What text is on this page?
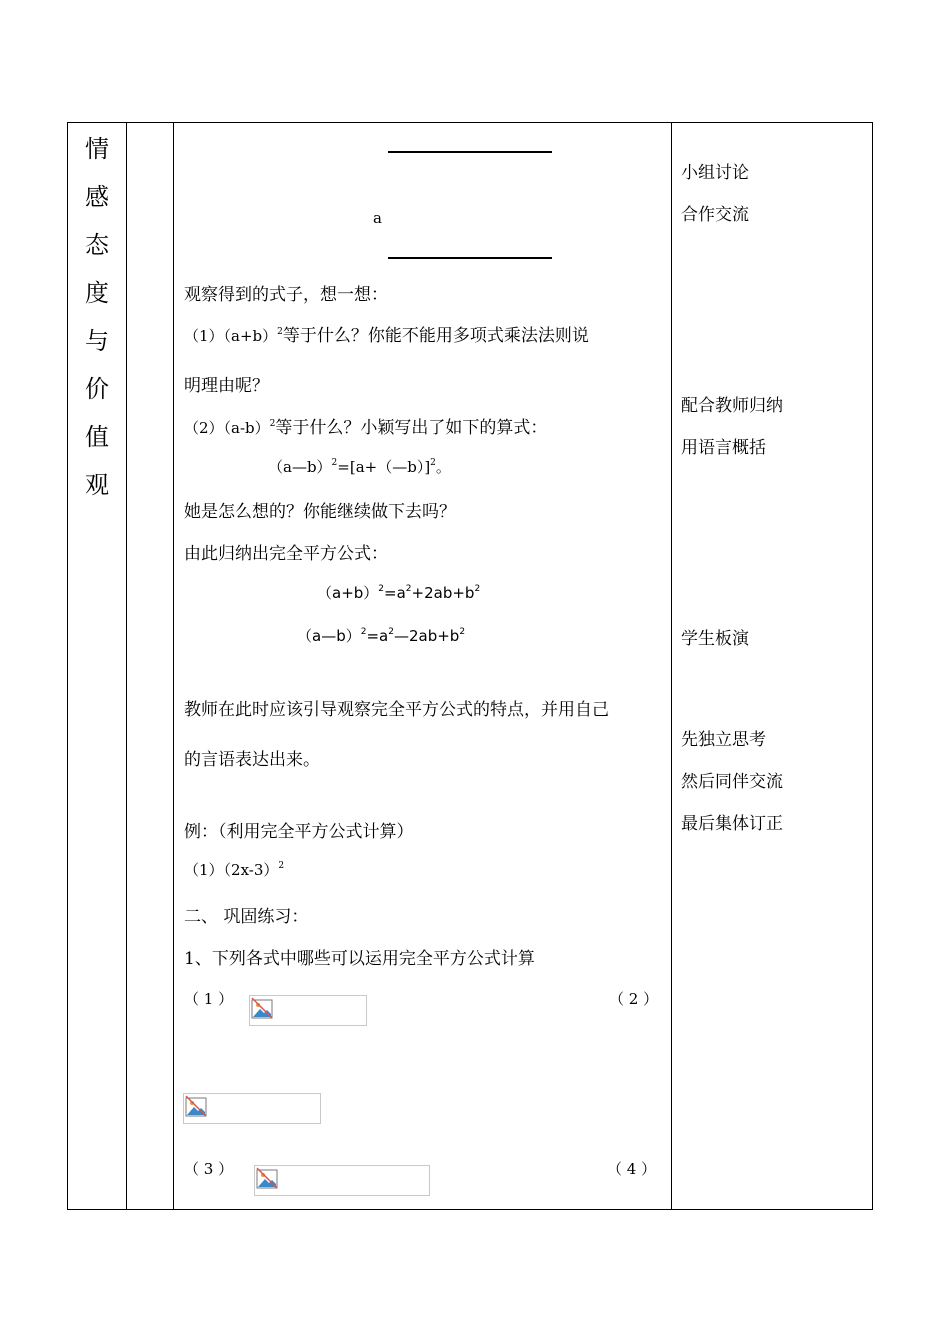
情
感
态
度
与
价
值
观
a
观察得到的式子，想一想：
$(1)(a+b)^2$等于什么？你能不能用多项式乘法法则说
明理由呢？
$(2)(a-b)^2$等于什么？小颖写出了如下的算式：
（a—b）$^2$=[a+（—b）]$^2$。
她是怎么想的？你能继续做下去吗？
由此归纳出完全平方公式：
$(a+b)^2=a^2+2ab+b^2$
$(a—b)^2=a^2—2ab+b^2$
教师在此时应该引导观察完全平方公式的特点，并用自己
的言语表达出来。
例：（利用完全平方公式计算）
$(1)(2x-3)^2$
二、 巩固练习：
1、下列各式中哪些可以运用完全平方公式计算
（ 1 ）	（ 2 ）
（ 3 ）	（ 4 ）
小组讨论
合作交流
配合教师归纳
用语言概括
学生板演
先独立思考
然后同伴交流
最后集体订正
